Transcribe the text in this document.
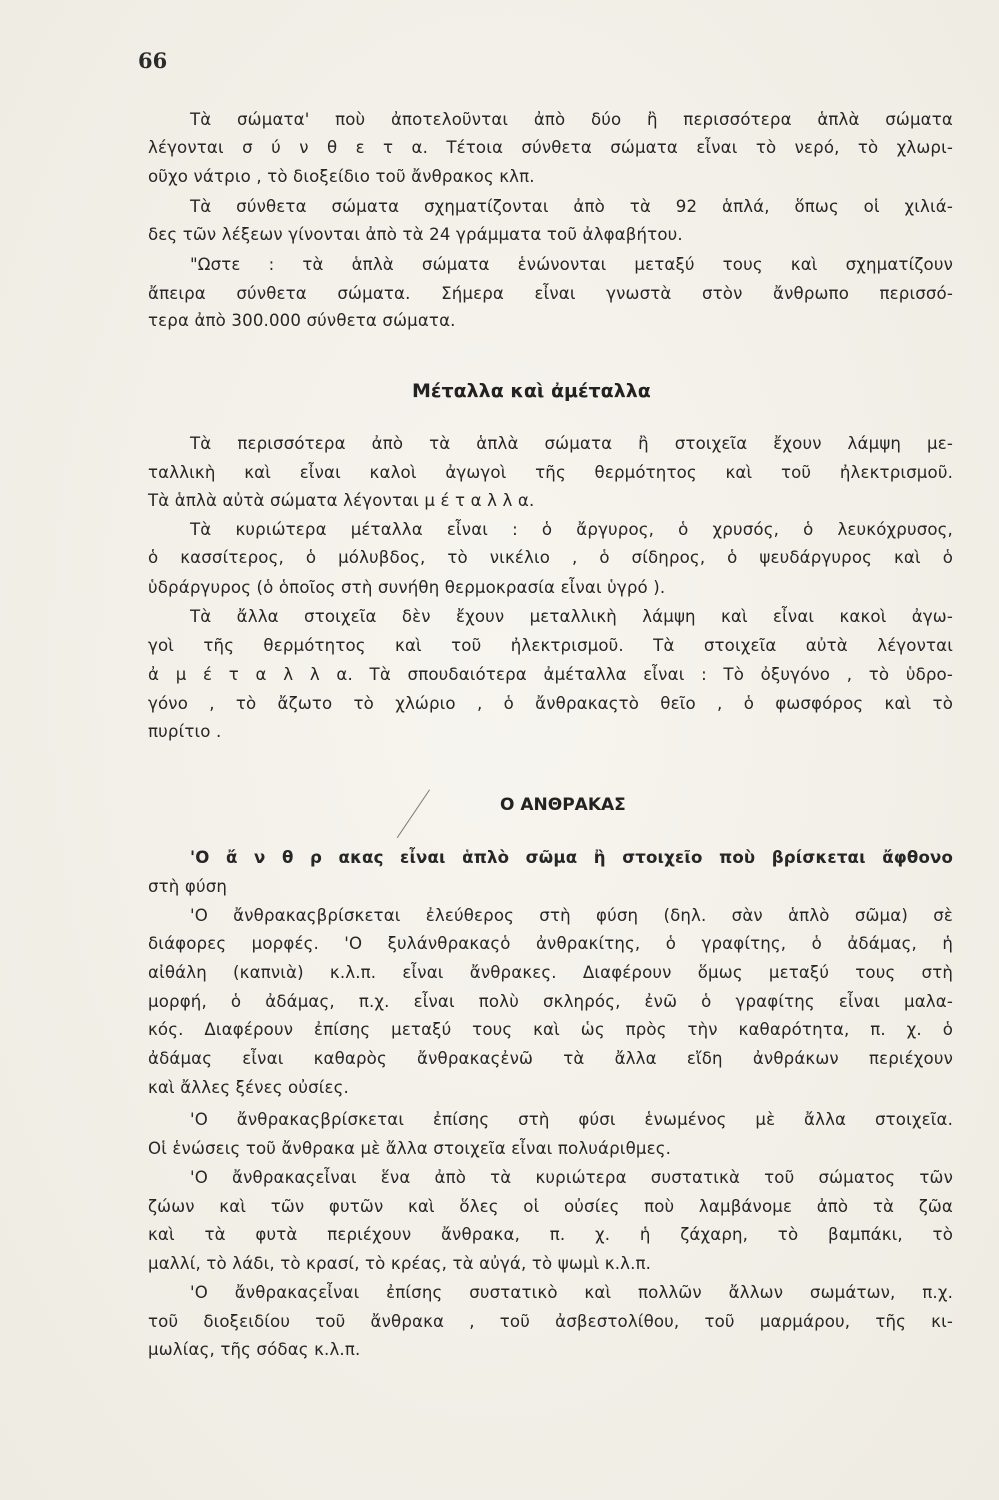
66
Τὰ σώματα' ποὺ ἀποτελοῦνται ἀπὸ δύο ἢ περισσότερα ἁπλὰ σώματα
λέγονται σ ύ ν θ ε τ α. Τέτοια σύνθετα σώματα εἶναι τὸ νερό, τὸ χλωρι-
οῦχο νάτριο , τὸ διοξείδιο τοῦ ἄνθρακος κλπ.
Τὰ σύνθετα σώματα σχηματίζονται ἀπὸ τὰ 92 ἁπλά, ὅπως οἱ χιλιά-
δες τῶν λέξεων γίνονται ἀπὸ τὰ 24 γράμματα τοῦ ἀλφαβήτου.
"Ωστε : τὰ ἁπλὰ σώματα ἑνώνονται μεταξύ τους καὶ σχηματίζουν
ἄπειρα σύνθετα σώματα. Σήμερα εἶναι γνωστὰ στὸν ἄνθρωπο περισσό-
τερα ἀπὸ 300.000 σύνθετα σώματα.
Μέταλλα καὶ ἀμέταλλα
Τὰ περισσότερα ἀπὸ τὰ ἁπλὰ σώματα ἢ στοιχεῖα ἔχουν λάμψη με-
ταλλικὴ καὶ εἶναι καλοὶ ἀγωγοὶ τῆς θερμότητος καὶ τοῦ ἠλεκτρισμοῦ.
Τὰ ἁπλὰ αὐτὰ σώματα λέγονται μ έ τ α λ λ α.
Τὰ κυριώτερα μέταλλα εἶναι : ὁ ἄργυρος, ὁ χρυσός, ὁ λευκόχρυσος,
ὁ κασσίτερος, ὁ μόλυβδος, τὸ νικέλιο , ὁ σίδηρος, ὁ ψευδάργυρος καὶ ὁ
ὑδράργυρος (ὁ ὁποῖος στὴ συνήθη θερμοκρασία εἶναι ὑγρό ).
Τὰ ἄλλα στοιχεῖα δὲν ἔχουν μεταλλικὴ λάμψη καὶ εἶναι κακοὶ ἀγω-
γοὶ τῆς θερμότητος καὶ τοῦ ἠλεκτρισμοῦ. Τὰ στοιχεῖα αὐτὰ λέγονται
ἀ μ έ τ α λ λ α. Τὰ σπουδαιότερα ἀμέταλλα εἶναι : Τὸ ὀξυγόνο , τὸ ὑδρο-
γόνο , τὸ ἄζωτο τὸ χλώριο , ὁ ἄνθρακαςτὸ θεῖο , ὁ φωσφόρος καὶ τὸ
πυρίτιο .
Ο ΑΝΘΡΑΚΑΣ
'Ο ἄ ν θ ρ ακας εἶναι ἁπλὸ σῶμα ἢ στοιχεῖο ποὺ βρίσκεται ἄφθονο
στὴ φύση
'Ο ἄνθρακαςβρίσκεται ἐλεύθερος στὴ φύση (δηλ. σὰν ἁπλὸ σῶμα) σὲ
διάφορες μορφές. 'Ο ξυλάνθρακαςὁ ἀνθρακίτης, ὁ γραφίτης, ὁ ἀδάμας, ἡ
αἰθάλη (καπνιὰ) κ.λ.π. εἶναι ἄνθρακες. Διαφέρουν ὅμως μεταξύ τους στὴ
μορφή, ὁ ἀδάμας, π.χ. εἶναι πολὺ σκληρός, ἐνῶ ὁ γραφίτης εἶναι μαλα-
κός. Διαφέρουν ἐπίσης μεταξύ τους καὶ ὡς πρὸς τὴν καθαρότητα, π. χ. ὁ
ἀδάμας εἶναι καθαρὸς ἄνθρακαςἐνῶ τὰ ἄλλα εἴδη ἀνθράκων περιέχουν
καὶ ἄλλες ξένες οὐσίες.
'Ο ἄνθρακαςβρίσκεται ἐπίσης στὴ φύσι ἑνωμένος μὲ ἄλλα στοιχεῖα.
Οἱ ἑνώσεις τοῦ ἄνθρακα μὲ ἄλλα στοιχεῖα εἶναι πολυάριθμες.
'Ο ἄνθρακαςεἶναι ἕνα ἀπὸ τὰ κυριώτερα συστατικὰ τοῦ σώματος τῶν
ζώων καὶ τῶν φυτῶν καὶ ὅλες οἱ οὐσίες ποὺ λαμβάνομε ἀπὸ τὰ ζῶα
καὶ τὰ φυτὰ περιέχουν ἄνθρακα, π. χ. ἡ ζάχαρη, τὸ βαμπάκι, τὸ
μαλλί, τὸ λάδι, τὸ κρασί, τὸ κρέας, τὰ αὐγά, τὸ ψωμὶ κ.λ.π.
'Ο ἄνθρακαςεἶναι ἐπίσης συστατικὸ καὶ πολλῶν ἄλλων σωμάτων, π.χ.
τοῦ διοξειδίου τοῦ ἄνθρακα , τοῦ ἀσβεστολίθου, τοῦ μαρμάρου, τῆς κι-
μωλίας, τῆς σόδας κ.λ.π.
